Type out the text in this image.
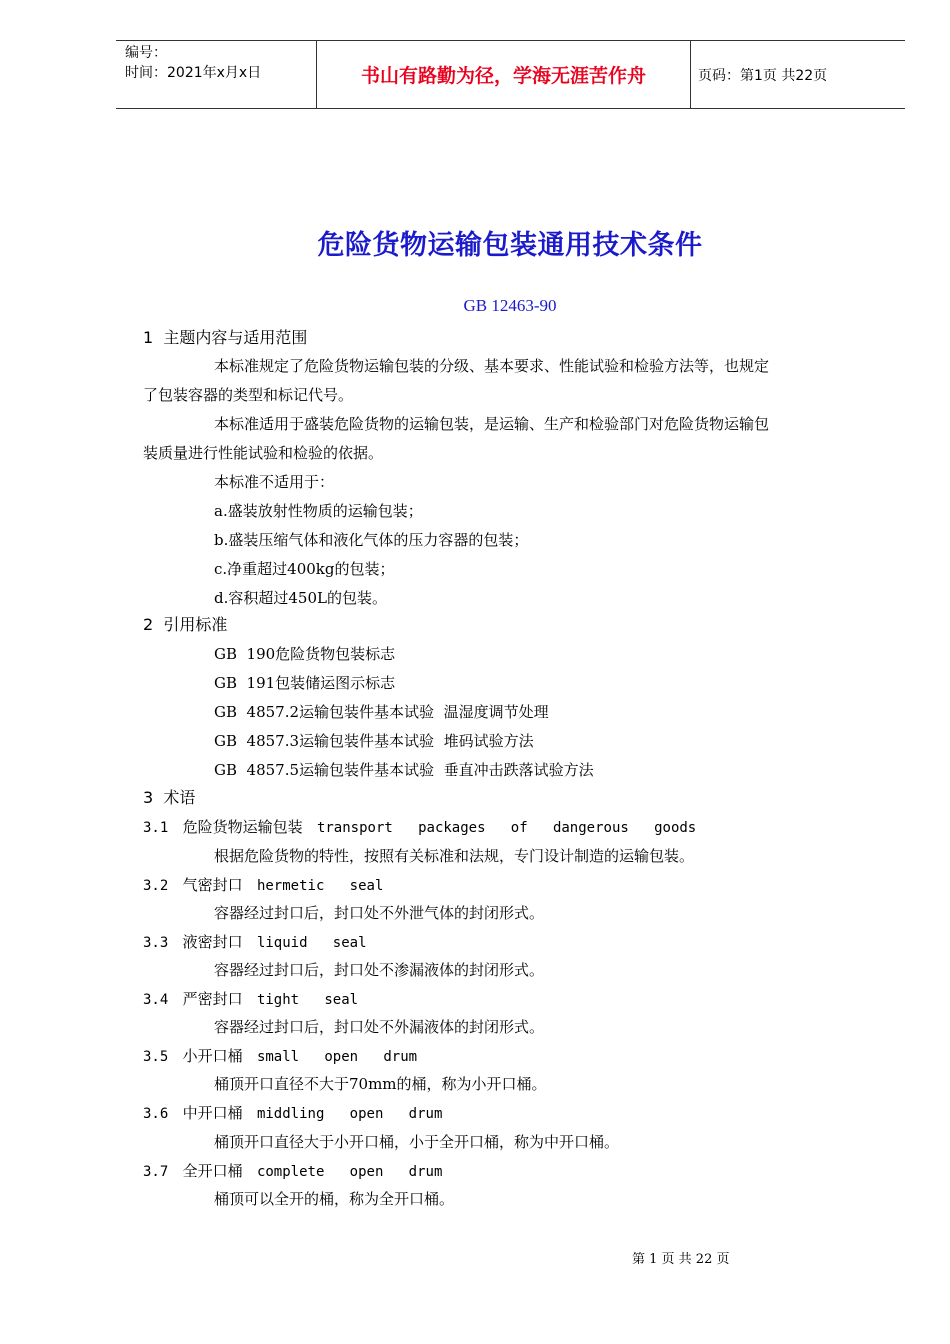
编号：
时间：2021年x月x日	书山有路勤为径，学海无涯苦作舟	页码：第1页 共22页
危险货物运输包装通用技术条件
GB 12463-90
1  主题内容与适用范围
本标准规定了危险货物运输包装的分级、基本要求、性能试验和检验方法等，也规定
了包装容器的类型和标记代号。
本标准适用于盛装危险货物的运输包装，是运输、生产和检验部门对危险货物运输包
装质量进行性能试验和检验的依据。
本标准不适用于：
a.盛装放射性物质的运输包装；
b.盛装压缩气体和液化气体的压力容器的包装；
c.净重超过400kg的包装；
d.容积超过450L的包装。
2  引用标准
GB  190危险货物包装标志
GB  191包装储运图示标志
GB  4857.2运输包装件基本试验  温湿度调节处理
GB  4857.3运输包装件基本试验  堆码试验方法
GB  4857.5运输包装件基本试验  垂直冲击跌落试验方法
3  术语
3.1 危险货物运输包装 transport   packages   of   dangerous   goods
根据危险货物的特性，按照有关标准和法规，专门设计制造的运输包装。
3.2 气密封口 hermetic   seal
容器经过封口后，封口处不外泄气体的封闭形式。
3.3 液密封口 liquid   seal
容器经过封口后，封口处不渗漏液体的封闭形式。
3.4 严密封口 tight   seal
容器经过封口后，封口处不外漏液体的封闭形式。
3.5 小开口桶 small   open   drum
桶顶开口直径不大于70mm的桶，称为小开口桶。
3.6 中开口桶 middling   open   drum
桶顶开口直径大于小开口桶，小于全开口桶，称为中开口桶。
3.7 全开口桶 complete   open   drum
桶顶可以全开的桶，称为全开口桶。
第 1 页 共 22 页
